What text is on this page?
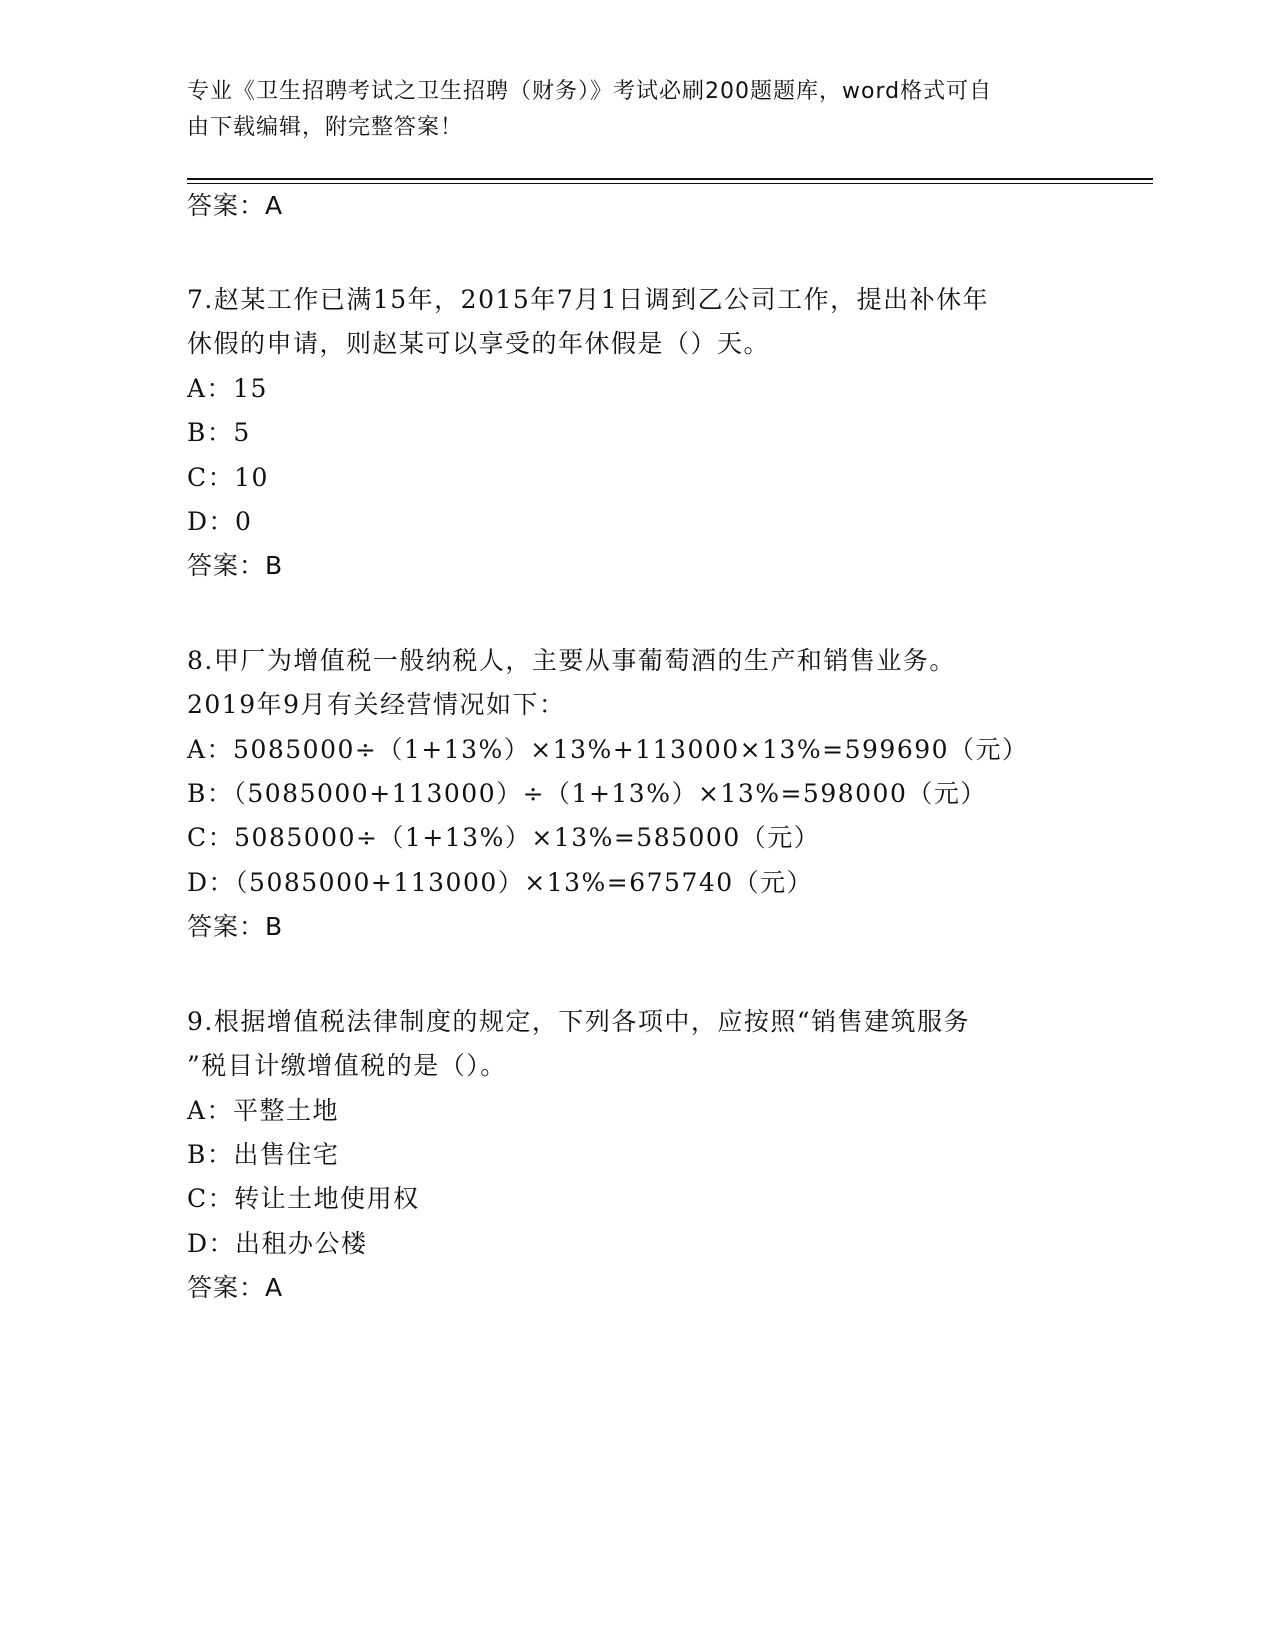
专业《卫生招聘考试之卫生招聘（财务）》考试必刷200题题库，word格式可自
由下载编辑，附完整答案！
答案：A
7.赵某工作已满15年，2015年7月1日调到乙公司工作，提出补休年
休假的申请，则赵某可以享受的年休假是（）天。
A：15
B：5
C：10
D：0
答案：B
8.甲厂为增值税一般纳税人，主要从事葡萄酒的生产和销售业务。
2019年9月有关经营情况如下：
A：5085000÷（1+13%）×13%+113000×13%=599690（元）
B：（5085000+113000）÷（1+13%）×13%=598000（元）
C：5085000÷（1+13%）×13%=585000（元）
D：（5085000+113000）×13%=675740（元）
答案：B
9.根据增值税法律制度的规定，下列各项中，应按照“销售建筑服务
”税目计缴增值税的是（）。
A：平整土地
B：出售住宅
C：转让土地使用权
D：出租办公楼
答案：A
